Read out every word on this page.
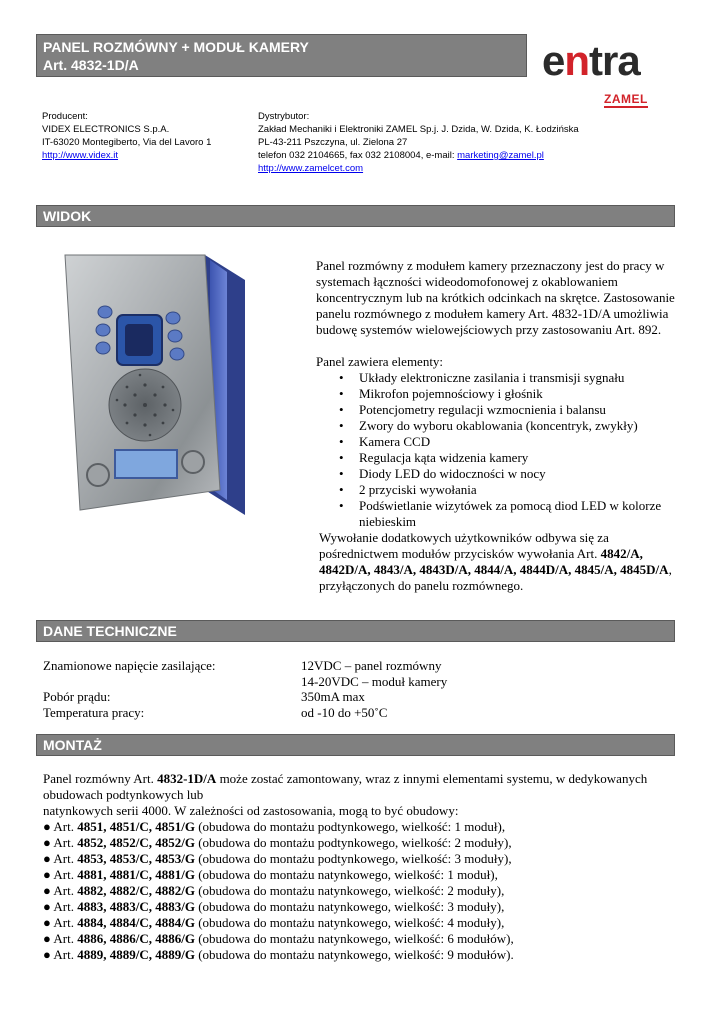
PANEL ROZMÓWNY + MODUŁ KAMERY
Art. 4832-1D/A	entra
ZAMEL
Producent:
VIDEX ELECTRONICS S.p.A.
IT-63020 Montegiberto, Via del Lavoro 1
http://www.videx.it
Dystrybutor:
Zakład Mechaniki i Elektroniki ZAMEL Sp.j. J. Dzida, W. Dzida, K. Łodzińska
PL-43-211 Pszczyna, ul. Zielona 27
telefon 032 2104665, fax 032 2108004, e-mail: marketing@zamel.pl
http://www.zamelcet.com
WIDOK
Panel rozmówny z modułem kamery przeznaczony jest do pracy w systemach łączności wideodomofonowej z okablowaniem koncentrycznym lub na krótkich odcinkach na skrętce. Zastosowanie panelu rozmównego z modułem kamery Art. 4832-1D/A umożliwia budowę systemów wielowejściowych przy zastosowaniu Art. 892.
Panel zawiera elementy:
• Układy elektroniczne zasilania i transmisji sygnału
• Mikrofon pojemnościowy i głośnik
• Potencjometry regulacji wzmocnienia i balansu
• Zwory do wyboru okablowania (koncentryk, zwykły)
• Kamera CCD
• Regulacja kąta widzenia kamery
• Diody LED do widoczności w nocy
• 2 przyciski wywołania
• Podświetlanie wizytówek za pomocą diod LED w kolorze niebieskim
Wywołanie dodatkowych użytkowników odbywa się za pośrednictwem modułów przycisków wywołania Art. 4842/A, 4842D/A, 4843/A, 4843D/A, 4844/A, 4844D/A, 4845/A, 4845D/A, przyłączonych do panelu rozmównego.
DANE TECHNICZNE
Znamionowe napięcie zasilające:	12VDC – panel rozmówny
14-20VDC – moduł kamery
Pobór prądu:	350mA max
Temperatura pracy:	od -10 do +50˚C
MONTAŻ

Panel rozmówny Art. 4832-1D/A może zostać zamontowany, wraz z innymi elementami systemu, w dedykowanych obudowach podtynkowych lub

natynkowych serii 4000. W zależności od zastosowania, mogą to być obudowy:

● Art. 4851, 4851/C, 4851/G (obudowa do montażu podtynkowego, wielkość: 1 moduł),

● Art. 4852, 4852/C, 4852/G (obudowa do montażu podtynkowego, wielkość: 2 moduły),

● Art. 4853, 4853/C, 4853/G (obudowa do montażu podtynkowego, wielkość: 3 moduły),

● Art. 4881, 4881/C, 4881/G (obudowa do montażu natynkowego, wielkość: 1 moduł),

● Art. 4882, 4882/C, 4882/G (obudowa do montażu natynkowego, wielkość: 2 moduły),

● Art. 4883, 4883/C, 4883/G (obudowa do montażu natynkowego, wielkość: 3 moduły),

● Art. 4884, 4884/C, 4884/G (obudowa do montażu natynkowego, wielkość: 4 moduły),

● Art. 4886, 4886/C, 4886/G (obudowa do montażu natynkowego, wielkość: 6 modułów),

● Art. 4889, 4889/C, 4889/G (obudowa do montażu natynkowego, wielkość: 9 modułów).
